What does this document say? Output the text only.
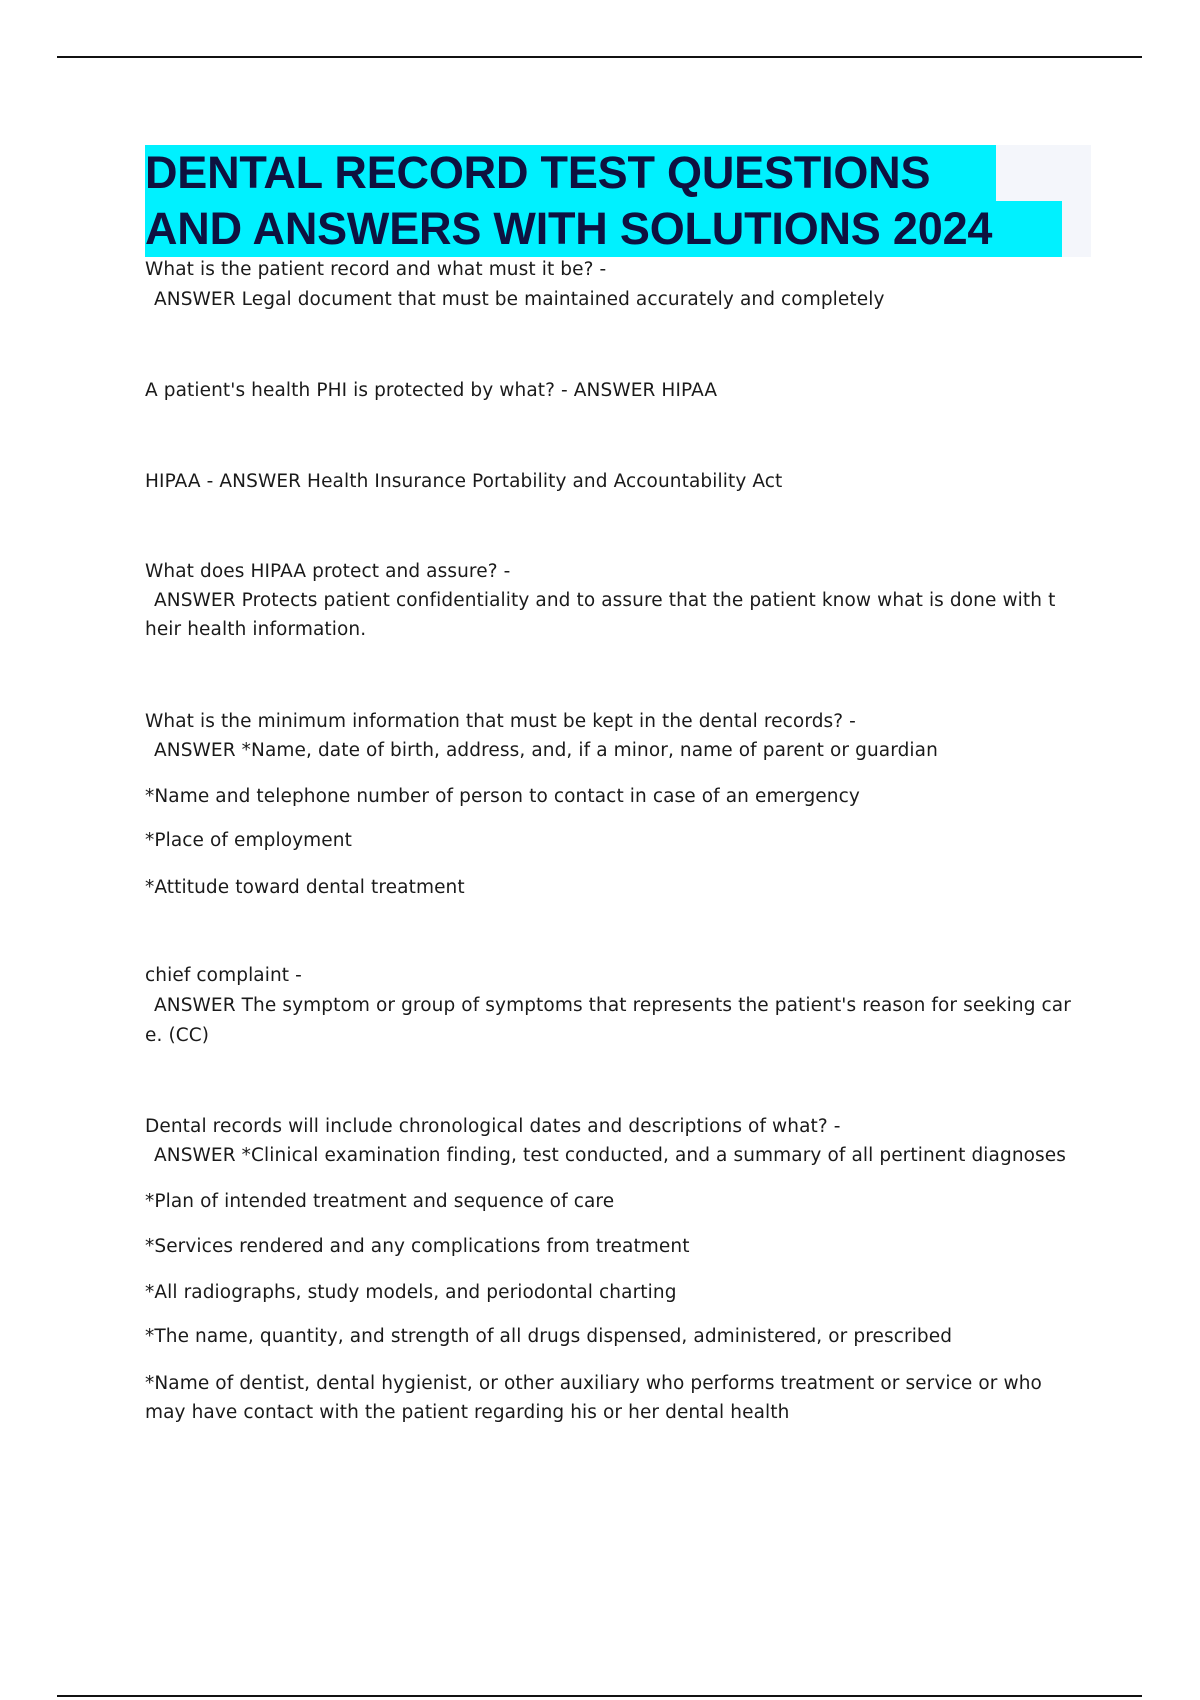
DENTAL RECORD TEST QUESTIONS
AND ANSWERS WITH SOLUTIONS 2024
What is the patient record and what must it be? -
ANSWER Legal document that must be maintained accurately and completely
A patient's health PHI is protected by what? - ANSWER HIPAA
HIPAA - ANSWER Health Insurance Portability and Accountability Act
What does HIPAA protect and assure? -
ANSWER Protects patient confidentiality and to assure that the patient know what is done with t
heir health information.
What is the minimum information that must be kept in the dental records? -
ANSWER *Name, date of birth, address, and, if a minor, name of parent or guardian
*Name and telephone number of person to contact in case of an emergency
*Place of employment
*Attitude toward dental treatment
chief complaint -
ANSWER The symptom or group of symptoms that represents the patient's reason for seeking car
e. (CC)
Dental records will include chronological dates and descriptions of what? -
ANSWER *Clinical examination finding, test conducted, and a summary of all pertinent diagnoses
*Plan of intended treatment and sequence of care
*Services rendered and any complications from treatment
*All radiographs, study models, and periodontal charting
*The name, quantity, and strength of all drugs dispensed, administered, or prescribed
*Name of dentist, dental hygienist, or other auxiliary who performs treatment or service or who
may have contact with the patient regarding his or her dental health
